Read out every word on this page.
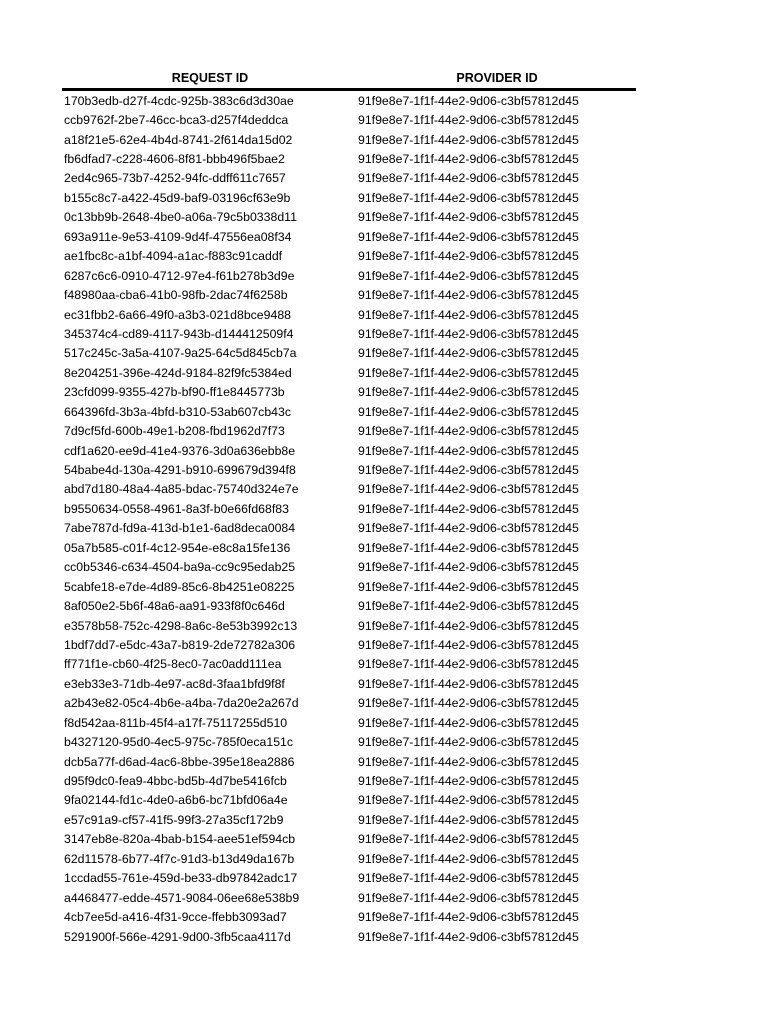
REQUEST ID	PROVIDER ID
170b3edb-d27f-4cdc-925b-383c6d3d30ae	91f9e8e7-1f1f-44e2-9d06-c3bf57812d45
ccb9762f-2be7-46cc-bca3-d257f4deddca	91f9e8e7-1f1f-44e2-9d06-c3bf57812d45
a18f21e5-62e4-4b4d-8741-2f614da15d02	91f9e8e7-1f1f-44e2-9d06-c3bf57812d45
fb6dfad7-c228-4606-8f81-bbb496f5bae2	91f9e8e7-1f1f-44e2-9d06-c3bf57812d45
2ed4c965-73b7-4252-94fc-ddff611c7657	91f9e8e7-1f1f-44e2-9d06-c3bf57812d45
b155c8c7-a422-45d9-baf9-03196cf63e9b	91f9e8e7-1f1f-44e2-9d06-c3bf57812d45
0c13bb9b-2648-4be0-a06a-79c5b0338d11	91f9e8e7-1f1f-44e2-9d06-c3bf57812d45
693a911e-9e53-4109-9d4f-47556ea08f34	91f9e8e7-1f1f-44e2-9d06-c3bf57812d45
ae1fbc8c-a1bf-4094-a1ac-f883c91caddf	91f9e8e7-1f1f-44e2-9d06-c3bf57812d45
6287c6c6-0910-4712-97e4-f61b278b3d9e	91f9e8e7-1f1f-44e2-9d06-c3bf57812d45
f48980aa-cba6-41b0-98fb-2dac74f6258b	91f9e8e7-1f1f-44e2-9d06-c3bf57812d45
ec31fbb2-6a66-49f0-a3b3-021d8bce9488	91f9e8e7-1f1f-44e2-9d06-c3bf57812d45
345374c4-cd89-4117-943b-d144412509f4	91f9e8e7-1f1f-44e2-9d06-c3bf57812d45
517c245c-3a5a-4107-9a25-64c5d845cb7a	91f9e8e7-1f1f-44e2-9d06-c3bf57812d45
8e204251-396e-424d-9184-82f9fc5384ed	91f9e8e7-1f1f-44e2-9d06-c3bf57812d45
23cfd099-9355-427b-bf90-ff1e8445773b	91f9e8e7-1f1f-44e2-9d06-c3bf57812d45
664396fd-3b3a-4bfd-b310-53ab607cb43c	91f9e8e7-1f1f-44e2-9d06-c3bf57812d45
7d9cf5fd-600b-49e1-b208-fbd1962d7f73	91f9e8e7-1f1f-44e2-9d06-c3bf57812d45
cdf1a620-ee9d-41e4-9376-3d0a636ebb8e	91f9e8e7-1f1f-44e2-9d06-c3bf57812d45
54babe4d-130a-4291-b910-699679d394f8	91f9e8e7-1f1f-44e2-9d06-c3bf57812d45
abd7d180-48a4-4a85-bdac-75740d324e7e	91f9e8e7-1f1f-44e2-9d06-c3bf57812d45
b9550634-0558-4961-8a3f-b0e66fd68f83	91f9e8e7-1f1f-44e2-9d06-c3bf57812d45
7abe787d-fd9a-413d-b1e1-6ad8deca0084	91f9e8e7-1f1f-44e2-9d06-c3bf57812d45
05a7b585-c01f-4c12-954e-e8c8a15fe136	91f9e8e7-1f1f-44e2-9d06-c3bf57812d45
cc0b5346-c634-4504-ba9a-cc9c95edab25	91f9e8e7-1f1f-44e2-9d06-c3bf57812d45
5cabfe18-e7de-4d89-85c6-8b4251e08225	91f9e8e7-1f1f-44e2-9d06-c3bf57812d45
8af050e2-5b6f-48a6-aa91-933f8f0c646d	91f9e8e7-1f1f-44e2-9d06-c3bf57812d45
e3578b58-752c-4298-8a6c-8e53b3992c13	91f9e8e7-1f1f-44e2-9d06-c3bf57812d45
1bdf7dd7-e5dc-43a7-b819-2de72782a306	91f9e8e7-1f1f-44e2-9d06-c3bf57812d45
ff771f1e-cb60-4f25-8ec0-7ac0add111ea	91f9e8e7-1f1f-44e2-9d06-c3bf57812d45
e3eb33e3-71db-4e97-ac8d-3faa1bfd9f8f	91f9e8e7-1f1f-44e2-9d06-c3bf57812d45
a2b43e82-05c4-4b6e-a4ba-7da20e2a267d	91f9e8e7-1f1f-44e2-9d06-c3bf57812d45
f8d542aa-811b-45f4-a17f-75117255d510	91f9e8e7-1f1f-44e2-9d06-c3bf57812d45
b4327120-95d0-4ec5-975c-785f0eca151c	91f9e8e7-1f1f-44e2-9d06-c3bf57812d45
dcb5a77f-d6ad-4ac6-8bbe-395e18ea2886	91f9e8e7-1f1f-44e2-9d06-c3bf57812d45
d95f9dc0-fea9-4bbc-bd5b-4d7be5416fcb	91f9e8e7-1f1f-44e2-9d06-c3bf57812d45
9fa02144-fd1c-4de0-a6b6-bc71bfd06a4e	91f9e8e7-1f1f-44e2-9d06-c3bf57812d45
e57c91a9-cf57-41f5-99f3-27a35cf172b9	91f9e8e7-1f1f-44e2-9d06-c3bf57812d45
3147eb8e-820a-4bab-b154-aee51ef594cb	91f9e8e7-1f1f-44e2-9d06-c3bf57812d45
62d11578-6b77-4f7c-91d3-b13d49da167b	91f9e8e7-1f1f-44e2-9d06-c3bf57812d45
1ccdad55-761e-459d-be33-db97842adc17	91f9e8e7-1f1f-44e2-9d06-c3bf57812d45
a4468477-edde-4571-9084-06ee68e538b9	91f9e8e7-1f1f-44e2-9d06-c3bf57812d45
4cb7ee5d-a416-4f31-9cce-ffebb3093ad7	91f9e8e7-1f1f-44e2-9d06-c3bf57812d45
5291900f-566e-4291-9d00-3fb5caa4117d	91f9e8e7-1f1f-44e2-9d06-c3bf57812d45
